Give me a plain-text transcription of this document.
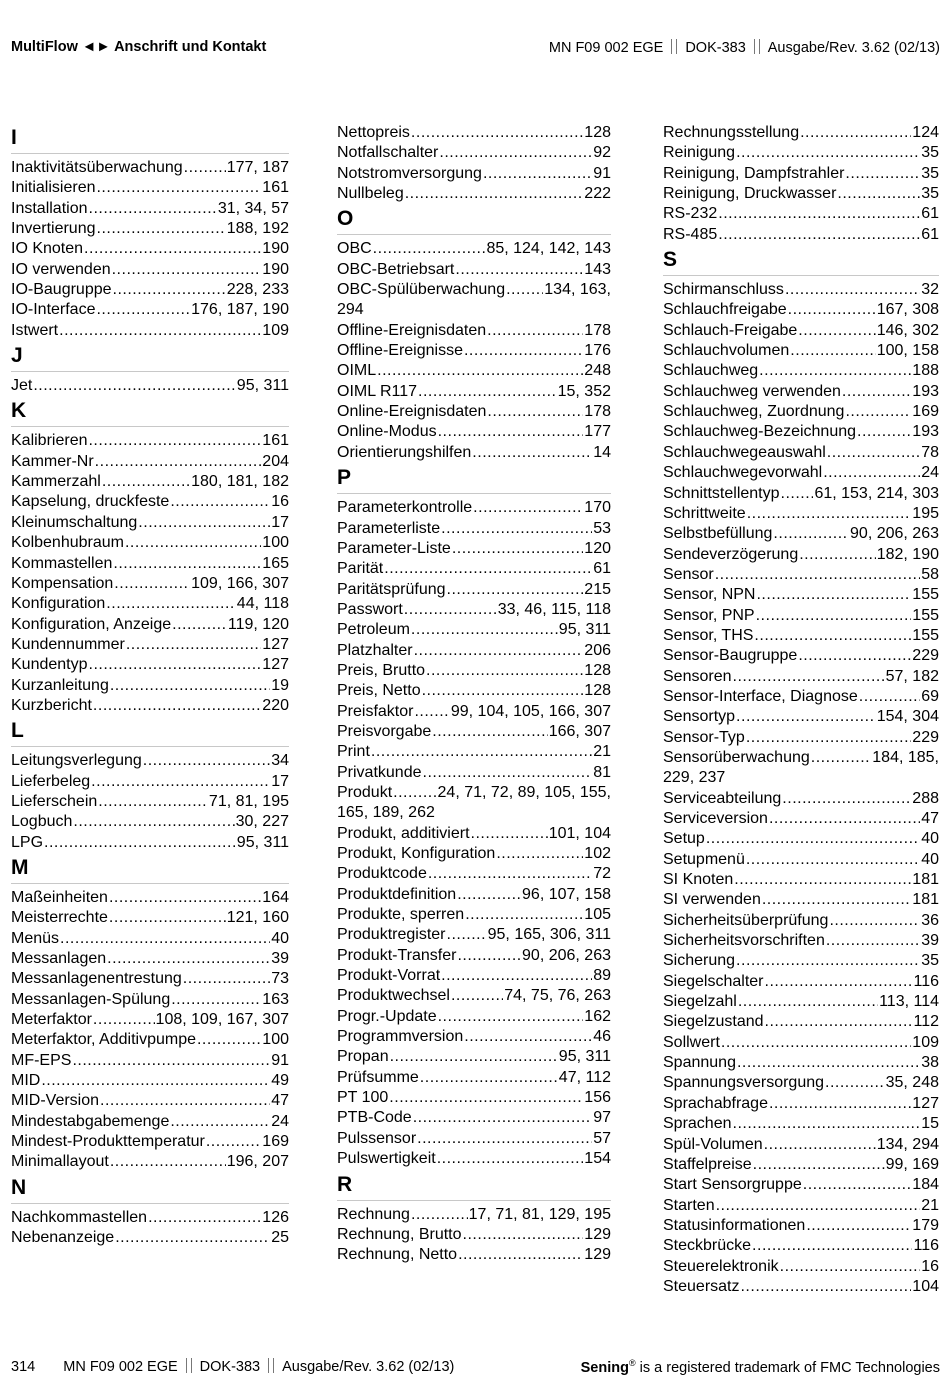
MultiFlow ◄► Anschrift und Kontakt	MN F09 002 EGE DOK-383 Ausgabe/Rev. 3.62 (02/13)
I
Inaktivitätsüberwachung .....	177, 187
Initialisieren .....	161
Installation .....	31, 34, 57
Invertierung .....	188, 192
IO Knoten .....	190
IO verwenden .....	190
IO-Baugruppe .....	228, 233
IO-Interface .....	176, 187, 190
Istwert .....	109
J
Jet .....	95, 311
K
Kalibrieren .....	161
Kammer-Nr .....	204
Kammerzahl .....	180, 181, 182
Kapselung, druckfeste .....	16
Kleinumschaltung .....	17
Kolbenhubraum .....	100
Kommastellen .....	165
Kompensation .....	109, 166, 307
Konfiguration .....	44, 118
Konfiguration, Anzeige .....	119, 120
Kundennummer .....	127
Kundentyp .....	127
Kurzanleitung .....	19
Kurzbericht .....	220
L
Leitungsverlegung .....	34
Lieferbeleg .....	17
Lieferschein .....	71, 81, 195
Logbuch .....	30, 227
LPG .....	95, 311
M
Maßeinheiten .....	164
Meisterrechte .....	121, 160
Menüs .....	40
Messanlagen .....	39
Messanlagenentrestung .....	73
Messanlagen-Spülung .....	163
Meterfaktor .....	108, 109, 167, 307
Meterfaktor, Additivpumpe .....	100
MF-EPS .....	91
MID .....	49
MID-Version .....	47
Mindestabgabemenge .....	24
Mindest-Produkttemperatur .....	169
Minimallayout .....	196, 207
N
Nachkommastellen .....	126
Nebenanzeige .....	25
Nettopreis .....	128
Notfallschalter .....	92
Notstromversorgung .....	91
Nullbeleg .....	222
O
OBC .....	85, 124, 142, 143
OBC-Betriebsart .....	143
OBC-Spülüberwachung ..... 134, 163,
294
Offline-Ereignisdaten .....	178
Offline-Ereignisse .....	176
OIML .....	248
OIML R117 .....	15, 352
Online-Ereignisdaten .....	178
Online-Modus .....	177
Orientierungshilfen .....	14
P
Parameterkontrolle .....	170
Parameterliste .....	53
Parameter-Liste .....	120
Parität .....	61
Paritätsprüfung .....	215
Passwort .....	33, 46, 115, 118
Petroleum .....	95, 311
Platzhalter .....	206
Preis, Brutto .....	128
Preis, Netto .....	128
Preisfaktor ..... 99, 104, 105, 166, 307
Preisvorgabe .....	166, 307
Print .....	21
Privatkunde .....	81
Produkt .....	24, 71, 72, 89, 105, 155,
165, 189, 262
Produkt, additiviert .....	101, 104
Produkt, Konfiguration .....	102
Produktcode .....	72
Produktdefinition .....	96, 107, 158
Produkte, sperren .....	105
Produktregister .....	95, 165, 306, 311
Produkt-Transfer .....	90, 206, 263
Produkt-Vorrat .....	89
Produktwechsel .....	74, 75, 76, 263
Progr.-Update .....	162
Programmversion .....	46
Propan .....	95, 311
Prüfsumme .....	47, 112
PT 100 .....	156
PTB-Code .....	97
Pulssensor .....	57
Pulswertigkeit .....	154
R
Rechnung .....	17, 71, 81, 129, 195
Rechnung, Brutto .....	129
Rechnung, Netto .....	129
Rechnungsstellung .....	124
Reinigung .....	35
Reinigung, Dampfstrahler .....	35
Reinigung, Druckwasser .....	35
RS-232 .....	61
RS-485 .....	61
S
Schirmanschluss .....	32
Schlauchfreigabe .....	167, 308
Schlauch-Freigabe .....	146, 302
Schlauchvolumen .....	100, 158
Schlauchweg .....	188
Schlauchweg verwenden .....	193
Schlauchweg, Zuordnung .....	169
Schlauchweg-Bezeichnung .....	193
Schlauchwegeauswahl .....	78
Schlauchwegevorwahl .....	24
Schnittstellentyp ..... 61, 153, 214, 303
Schrittweite .....	195
Selbstbefüllung .....	90, 206, 263
Sendeverzögerung .....	182, 190
Sensor .....	58
Sensor, NPN .....	155
Sensor, PNP .....	155
Sensor, THS .....	155
Sensor-Baugruppe .....	229
Sensoren .....	57, 182
Sensor-Interface, Diagnose .....	69
Sensortyp .....	154, 304
Sensor-Typ .....	229
Sensorüberwachung .....	184, 185,
229, 237
Serviceabteilung .....	288
Serviceversion .....	47
Setup .....	40
Setupmenü .....	40
SI Knoten .....	181
SI verwenden .....	181
Sicherheitsüberprüfung .....	36
Sicherheitsvorschriften .....	39
Sicherung .....	35
Siegelschalter .....	116
Siegelzahl .....	113, 114
Siegelzustand .....	112
Sollwert .....	109
Spannung .....	38
Spannungsversorgung .....	35, 248
Sprachabfrage .....	127
Sprachen .....	15
Spül-Volumen .....	134, 294
Staffelpreise .....	99, 169
Start Sensorgruppe .....	184
Starten .....	21
Statusinformationen .....	179
Steckbrücke .....	116
Steuerelektronik .....	16
Steuersatz .....	104
314 MN F09 002 EGE DOK-383 Ausgabe/Rev. 3.62 (02/13)	Sening® is a registered trademark of FMC Technologies
